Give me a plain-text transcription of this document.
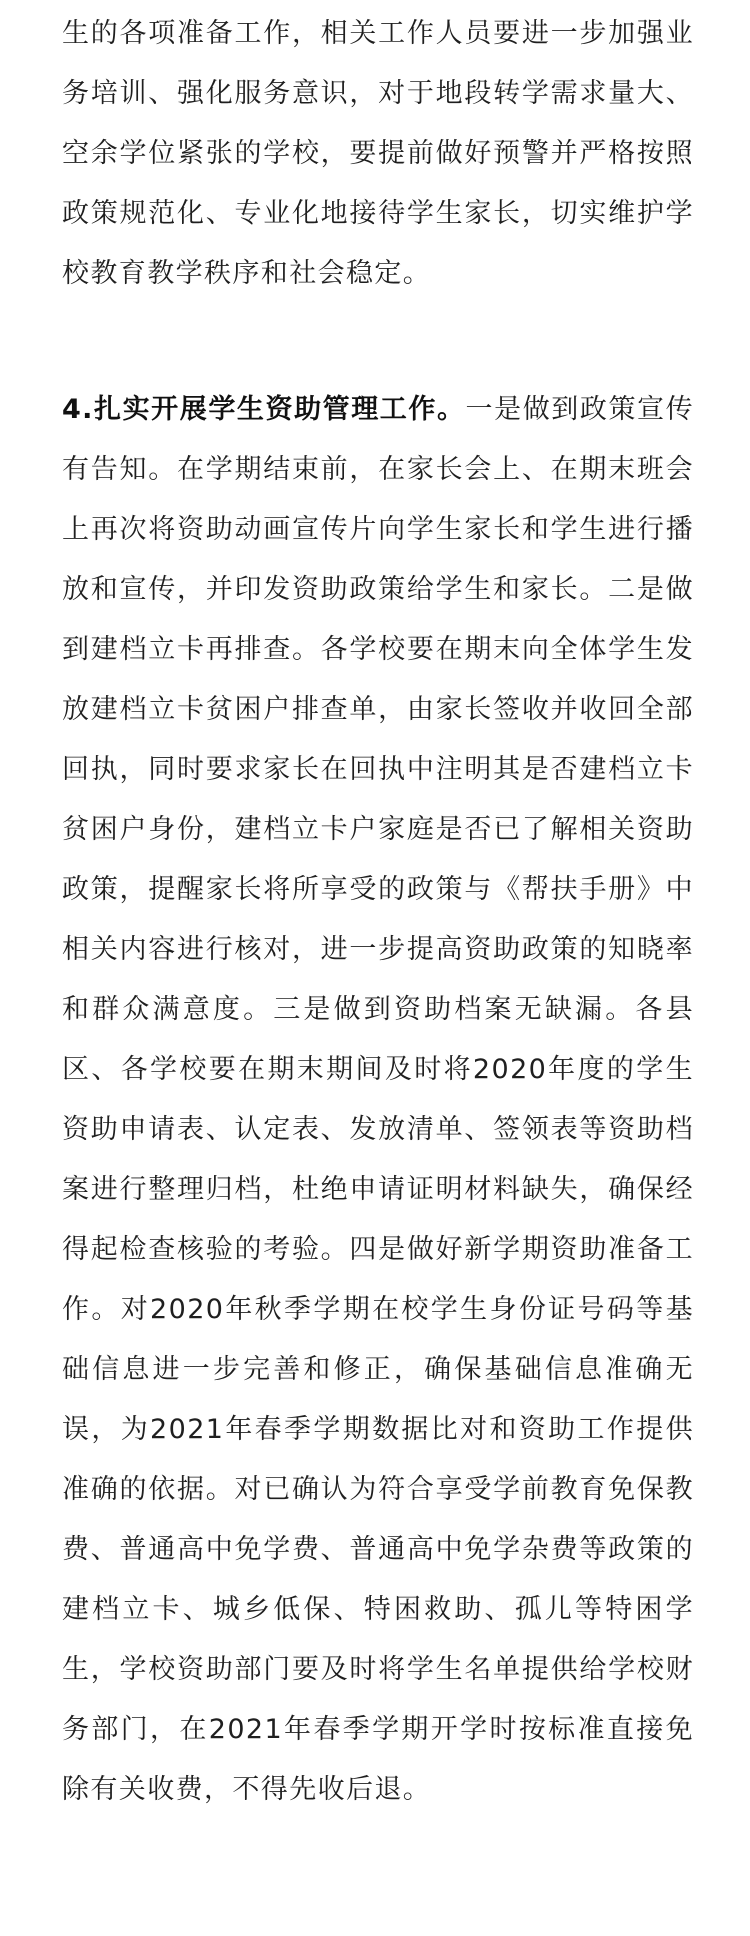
生的各项准备工作，相关工作人员要进一步加强业务培训、强化服务意识，对于地段转学需求量大、空余学位紧张的学校，要提前做好预警并严格按照政策规范化、专业化地接待学生家长，切实维护学校教育教学秩序和社会稳定。

4.扎实开展学生资助管理工作。一是做到政策宣传有告知。在学期结束前，在家长会上、在期末班会上再次将资助动画宣传片向学生家长和学生进行播放和宣传，并印发资助政策给学生和家长。二是做到建档立卡再排查。各学校要在期末向全体学生发放建档立卡贫困户排查单，由家长签收并收回全部回执，同时要求家长在回执中注明其是否建档立卡贫困户身份，建档立卡户家庭是否已了解相关资助政策，提醒家长将所享受的政策与《帮扶手册》中相关内容进行核对，进一步提高资助政策的知晓率和群众满意度。三是做到资助档案无缺漏。各县区、各学校要在期末期间及时将2020年度的学生资助申请表、认定表、发放清单、签领表等资助档案进行整理归档，杜绝申请证明材料缺失，确保经得起检查核验的考验。四是做好新学期资助准备工作。对2020年秋季学期在校学生身份证号码等基础信息进一步完善和修正，确保基础信息准确无误，为2021年春季学期数据比对和资助工作提供准确的依据。对已确认为符合享受学前教育免保教费、普通高中免学费、普通高中免学杂费等政策的建档立卡、城乡低保、特困救助、孤儿等特困学生，学校资助部门要及时将学生名单提供给学校财务部门，在2021年春季学期开学时按标准直接免除有关收费，不得先收后退。
